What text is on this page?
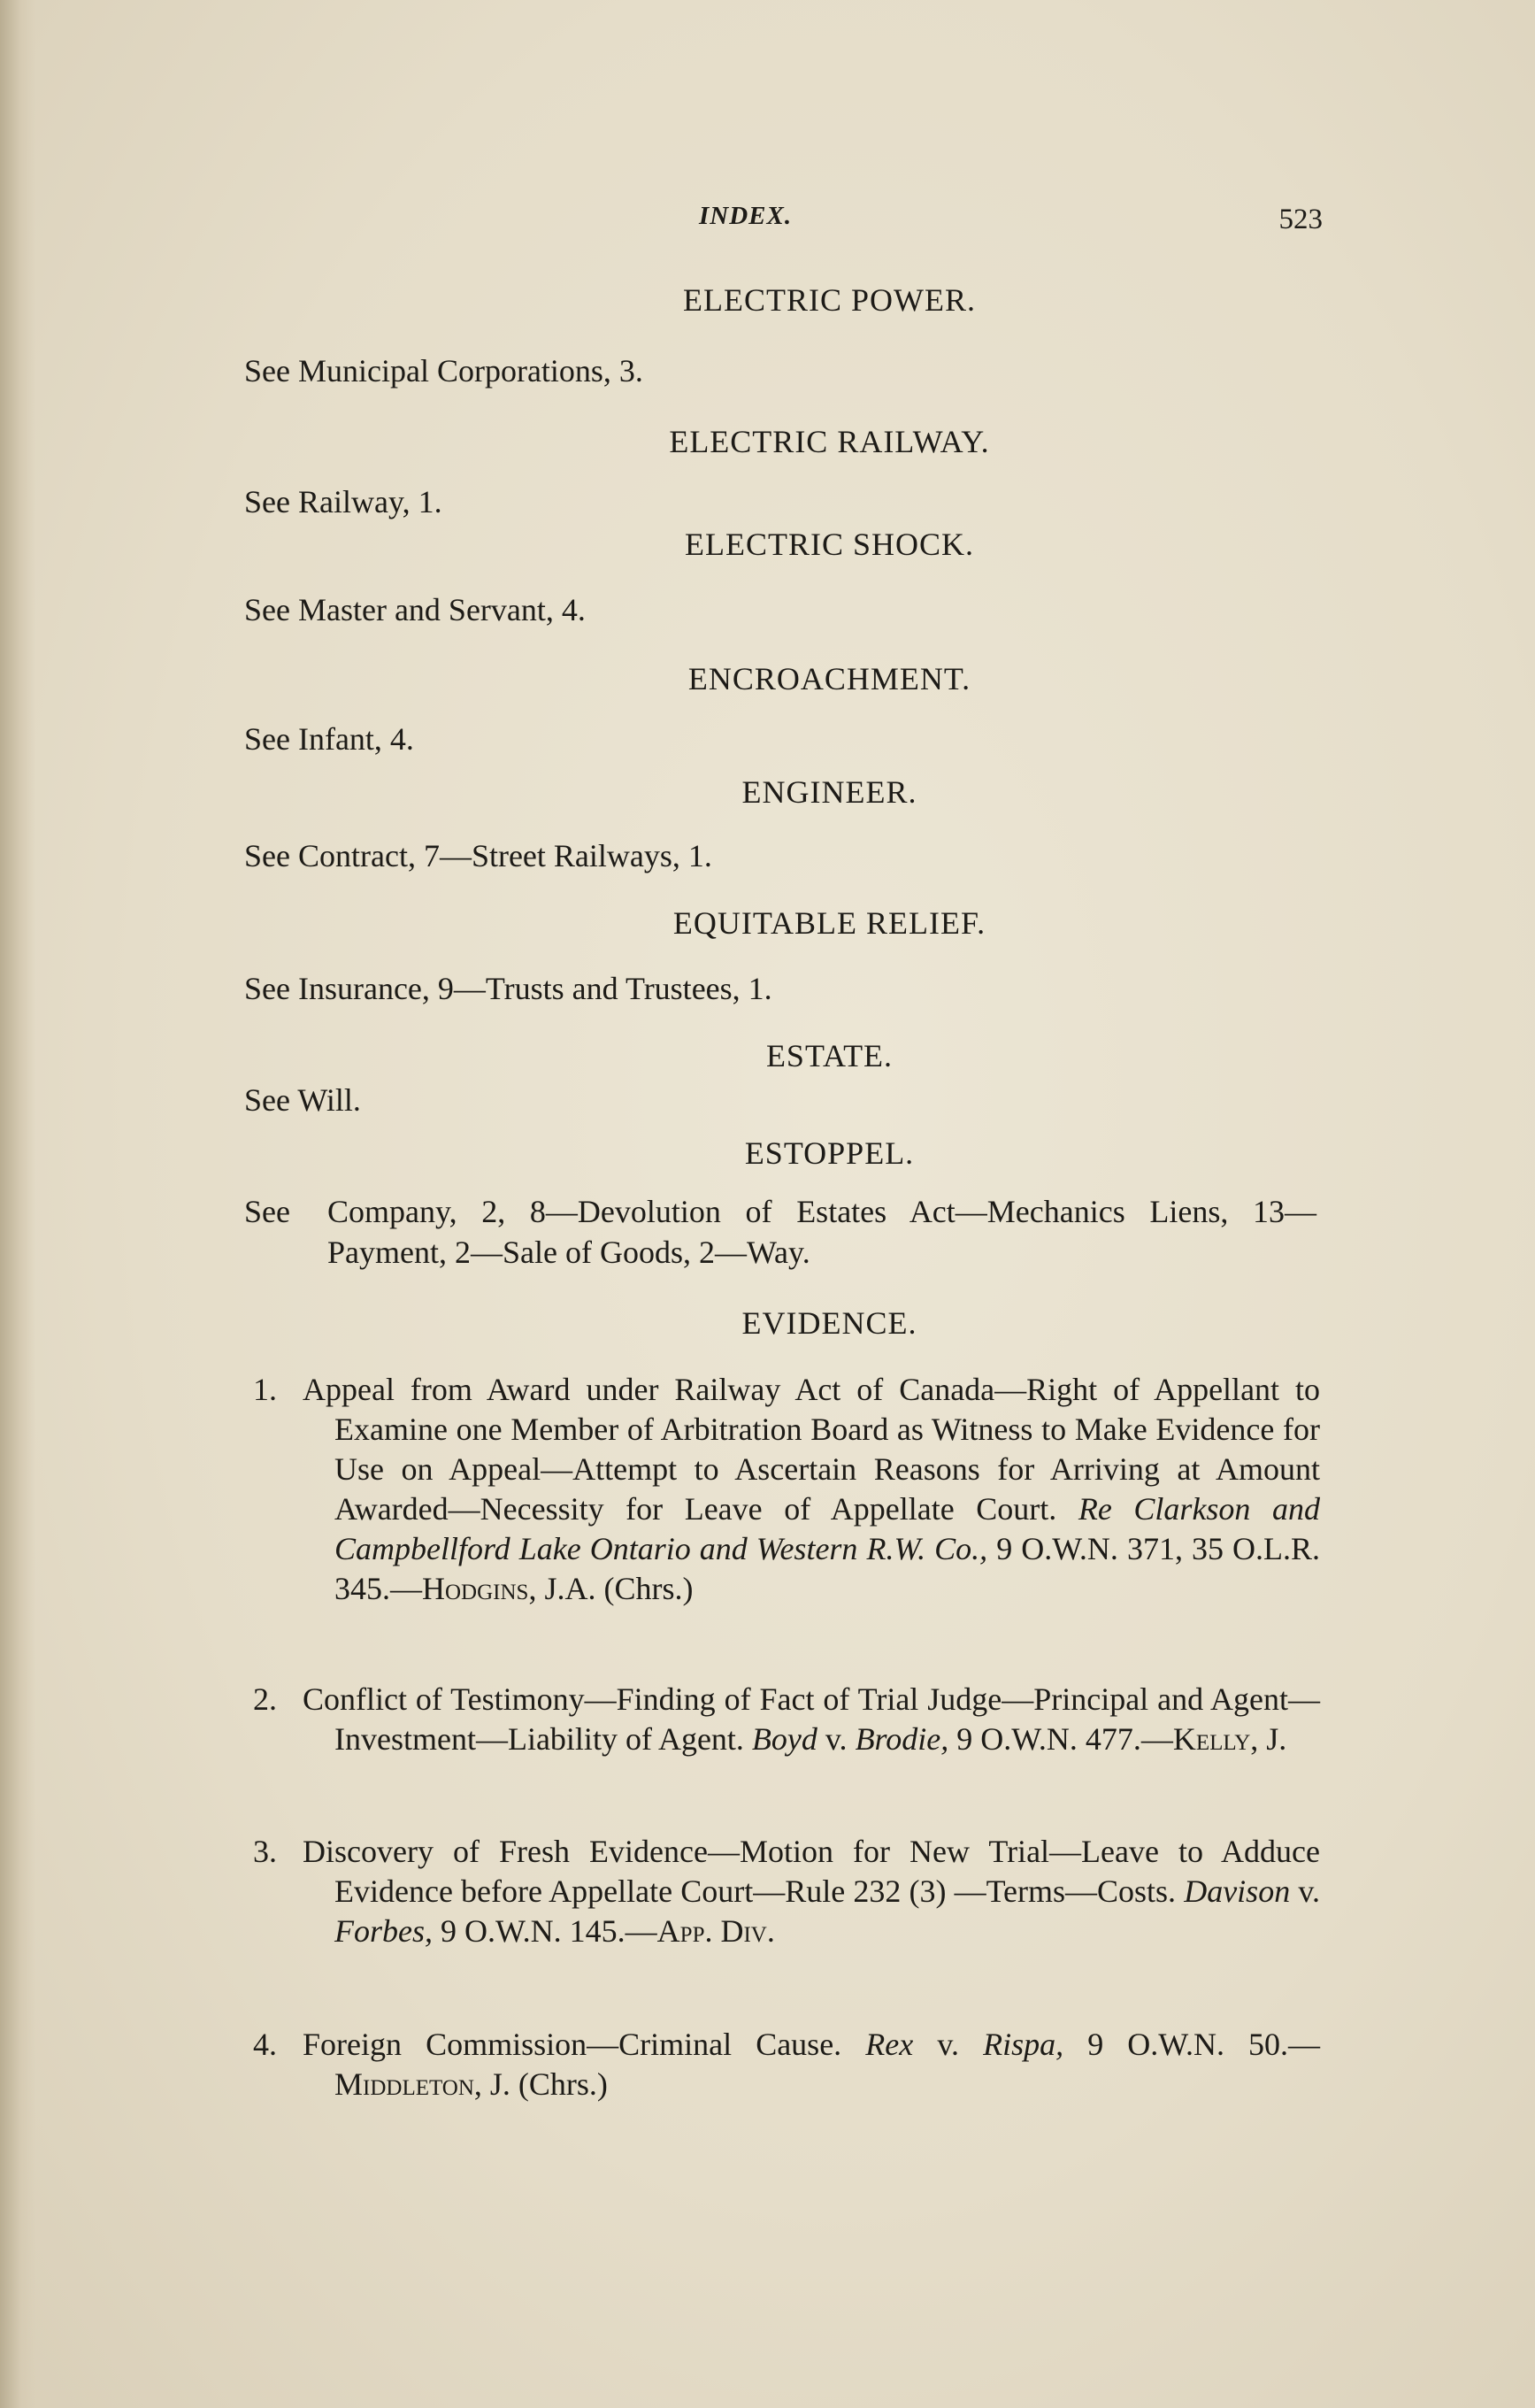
INDEX.	523
ELECTRIC POWER.
See Municipal Corporations, 3.
ELECTRIC RAILWAY.
See Railway, 1.
ELECTRIC SHOCK.
See Master and Servant, 4.
ENCROACHMENT.
See Infant, 4.
ENGINEER.
See Contract, 7—Street Railways, 1.
EQUITABLE RELIEF.
See Insurance, 9—Trusts and Trustees, 1.
ESTATE.
See Will.
ESTOPPEL.
See Company, 2, 8—Devolution of Estates Act—Mechanics Liens, 13—Payment, 2—Sale of Goods, 2—Way.
EVIDENCE.
1. Appeal from Award under Railway Act of Canada—Right of Appellant to Examine one Member of Arbitration Board as Witness to Make Evidence for Use on Appeal—Attempt to Ascertain Reasons for Arriving at Amount Awarded—Necessity for Leave of Appellate Court. Re Clarkson and Campbellford Lake Ontario and Western R.W. Co., 9 O.W.N. 371, 35 O.L.R. 345.—Hodgins, J.A. (Chrs.)
2. Conflict of Testimony—Finding of Fact of Trial Judge—Principal and Agent—Investment—Liability of Agent. Boyd v. Brodie, 9 O.W.N. 477.—Kelly, J.
3. Discovery of Fresh Evidence—Motion for New Trial—Leave to Adduce Evidence before Appellate Court—Rule 232 (3) —Terms—Costs. Davison v. Forbes, 9 O.W.N. 145.—App. Div.
4. Foreign Commission—Criminal Cause. Rex v. Rispa, 9 O.W.N. 50.—Middleton, J. (Chrs.)
